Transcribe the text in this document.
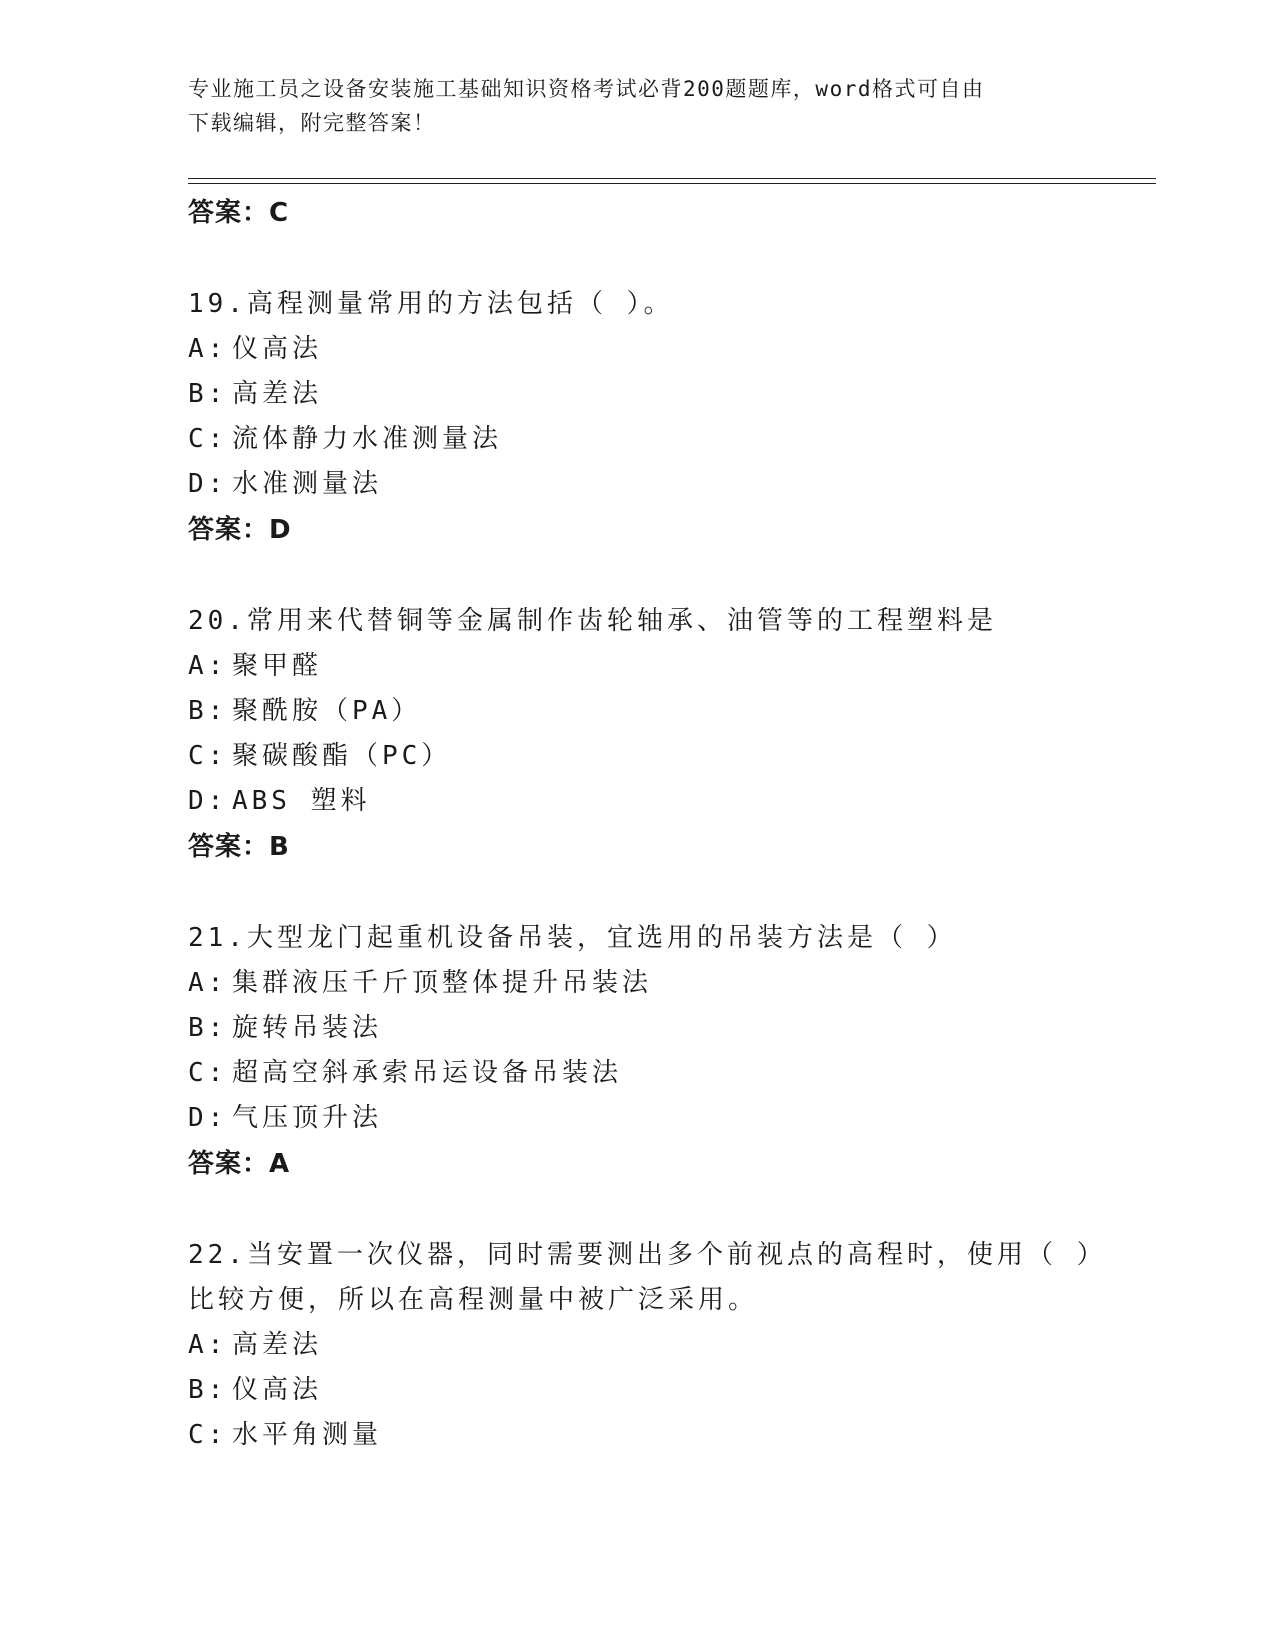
专业施工员之设备安装施工基础知识资格考试必背200题题库，word格式可自由
下载编辑，附完整答案！
答案：C
19.高程测量常用的方法包括（ ）。
A: 仪高法
B: 高差法
C: 流体静力水准测量法
D: 水准测量法
答案：D
20.常用来代替铜等金属制作齿轮轴承、油管等的工程塑料是
A: 聚甲醛
B: 聚酰胺（PA）
C: 聚碳酸酯（PC）
D: ABS 塑料
答案：B
21.大型龙门起重机设备吊装，宜选用的吊装方法是（ ）
A: 集群液压千斤顶整体提升吊装法
B: 旋转吊装法
C: 超高空斜承索吊运设备吊装法
D: 气压顶升法
答案：A
22.当安置一次仪器，同时需要测出多个前视点的高程时，使用（ ）
比较方便，所以在高程测量中被广泛采用。
A: 高差法
B: 仪高法
C: 水平角测量
